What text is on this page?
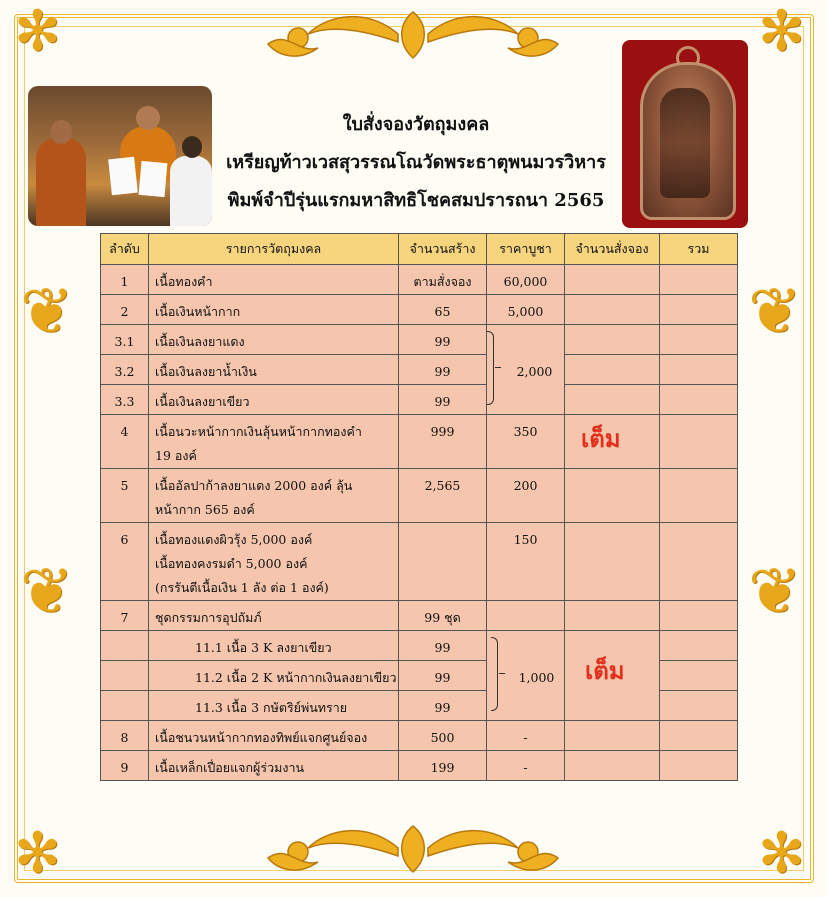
✻	✻
✻	✻
❦
❦
❦
❦
ใบสั่งจองวัตถุมงคล
เหรียญท้าวเวสสุวรรณโณวัดพระธาตุพนมวรวิหาร
พิมพ์จำปีรุ่นแรกมหาสิทธิโชคสมปรารถนา 2565
ลำดับ	รายการวัตถุมงคล	จำนวนสร้าง	ราคาบูชา	จำนวนสั่งจอง	รวม
1	เนื้อทองคำ	ตามสั่งจอง	60,000		
2	เนื้อเงินหน้ากาก	65	5,000		
3.1	เนื้อเงินลงยาแดง	99	2,000		
3.2	เนื้อเงินลงยาน้ำเงิน	99			
3.3	เนื้อเงินลงยาเขียว	99			
4	เนื้อนวะหน้ากากเงินลุ้นหน้ากากทองคำ
19 องค์	999	350	เต็ม	

5	เนื้ออัลปาก้าลงยาแดง 2000 องค์ ลุ้น
หน้ากาก 565 องค์	2,565	200		
6	เนื้อทองแดงผิวรุ้ง 5,000 องค์
เนื้อทองคงรมดำ 5,000 องค์
(กรรันตีเนื้อเงิน 1 ลัง ต่อ 1 องค์)		150		
7	ชุดกรรมการอุปถัมภ์	99 ชุด			
	11.1 เนื้อ 3 K ลงยาเขียว	99	1,000	เต็ม	

	11.2 เนื้อ 2 K หน้ากากเงินลงยาเขียว	99			
	11.3 เนื้อ 3 กษัตริย์พ่นทราย	99			
8	เนื้อชนวนหน้ากากทองทิพย์แจกศูนย์จอง	500	-		
9	เนื้อเหล็กเปื่อยแจกผู้ร่วมงาน	199	-		
